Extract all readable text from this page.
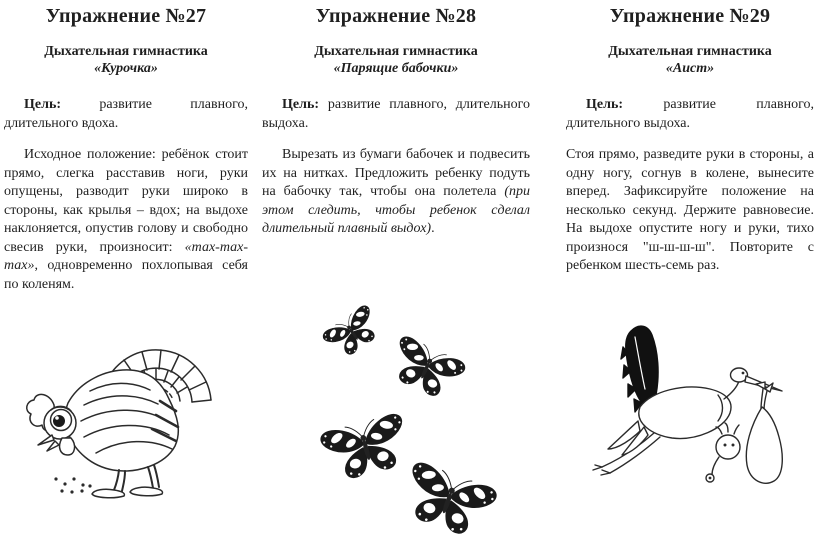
Упражнение №27
Дыхательная гимнастика
«Курочка»

Цель: развитие плавного, длительного вдоха.

Исходное положение: ребёнок стоит прямо, слегка расставив ноги, руки опущены, разводит руки широко в стороны, как крылья – вдох; на выдохе наклоняется, опустив голову и свободно свесив руки, произносит: «тах-тах-тах», одновременно похлопывая себя по коленям.

Упражнение №28
Дыхательная гимнастика
«Парящие бабочки»

Цель: развитие плавного, длительного выдоха.

Вырезать из бумаги бабочек и подвесить их на нитках. Предложить ребенку подуть на бабочку так, чтобы она полетела (при этом следить, чтобы ребенок сделал длительный плавный выдох).

Упражнение №29
Дыхательная гимнастика
«Аист»

Цель: развитие плавного, длительного выдоха.

Стоя прямо, разведите руки в стороны, а одну ногу, согнув в колене, вынесите вперед. Зафиксируйте положение на несколько секунд. Держите равновесие. На выдохе опустите ногу и руки, тихо произнося "ш-ш-ш-ш". Повторите с ребенком шесть-семь раз.
